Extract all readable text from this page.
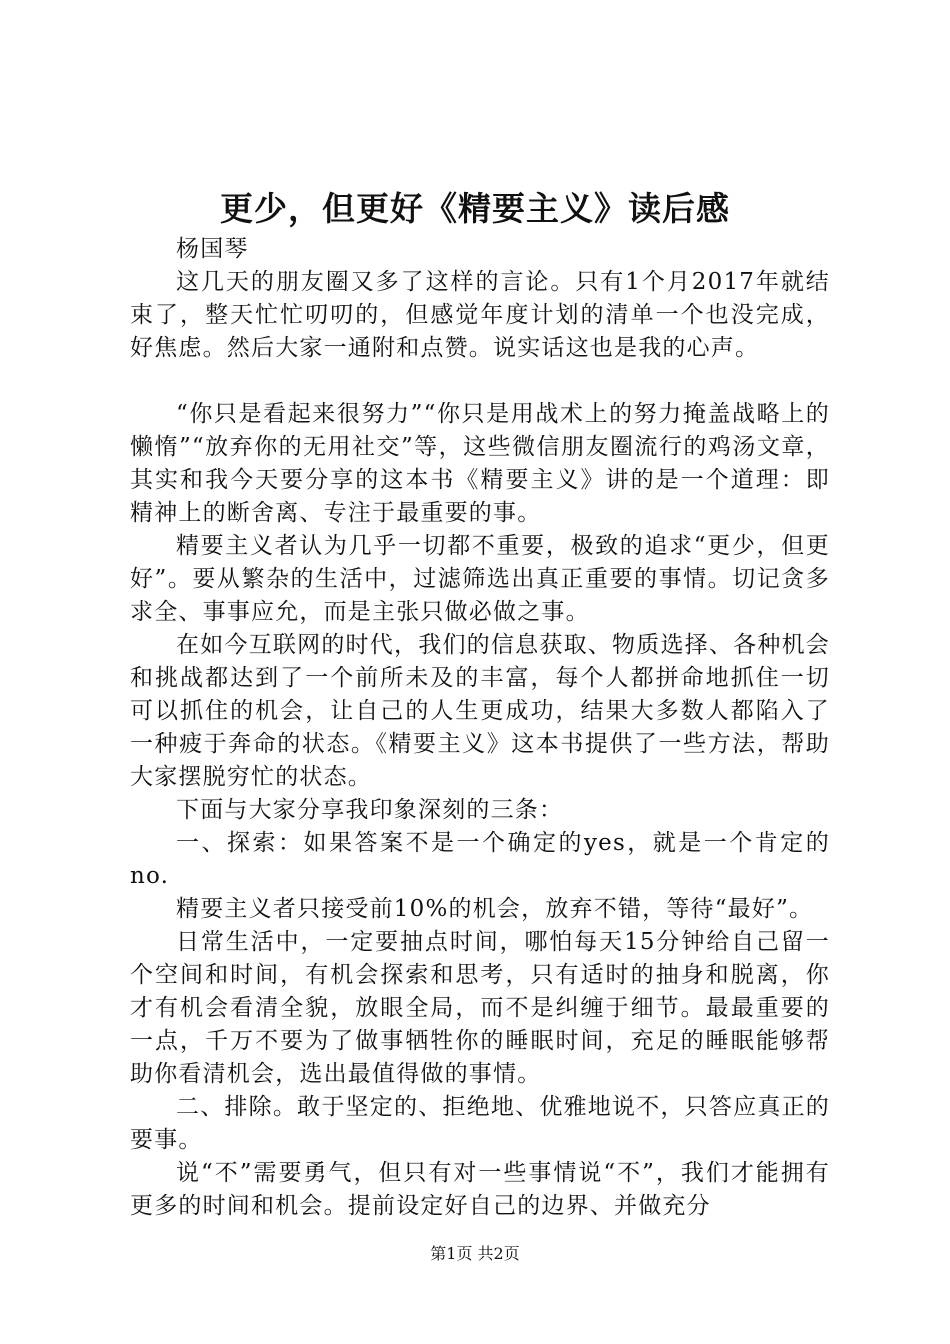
更少，但更好《精要主义》读后感

杨国琴

这几天的朋友圈又多了这样的言论。只有1个月2017年就结束了，整天忙忙叨叨的，但感觉年度计划的清单一个也没完成，好焦虑。然后大家一通附和点赞。说实话这也是我的心声。

“你只是看起来很努力”“你只是用战术上的努力掩盖战略上的懒惰”“放弃你的无用社交”等，这些微信朋友圈流行的鸡汤文章，其实和我今天要分享的这本书《精要主义》讲的是一个道理：即精神上的断舍离、专注于最重要的事。

精要主义者认为几乎一切都不重要，极致的追求“更少，但更好”。要从繁杂的生活中，过滤筛选出真正重要的事情。切记贪多求全、事事应允，而是主张只做必做之事。

在如今互联网的时代，我们的信息获取、物质选择、各种机会和挑战都达到了一个前所未及的丰富，每个人都拼命地抓住一切可以抓住的机会，让自己的人生更成功，结果大多数人都陷入了一种疲于奔命的状态。《精要主义》这本书提供了一些方法，帮助大家摆脱穷忙的状态。

下面与大家分享我印象深刻的三条：

一、探索：如果答案不是一个确定的yes，就是一个肯定的no.

精要主义者只接受前10%的机会，放弃不错，等待“最好”。

日常生活中，一定要抽点时间，哪怕每天15分钟给自己留一个空间和时间，有机会探索和思考，只有适时的抽身和脱离，你才有机会看清全貌，放眼全局，而不是纠缠于细节。最最重要的一点，千万不要为了做事牺牲你的睡眠时间，充足的睡眠能够帮助你看清机会，选出最值得做的事情。

二、排除。敢于坚定的、拒绝地、优雅地说不，只答应真正的要事。

说“不”需要勇气，但只有对一些事情说“不”，我们才能拥有更多的时间和机会。提前设定好自己的边界、并做充分

第1页 共2页
